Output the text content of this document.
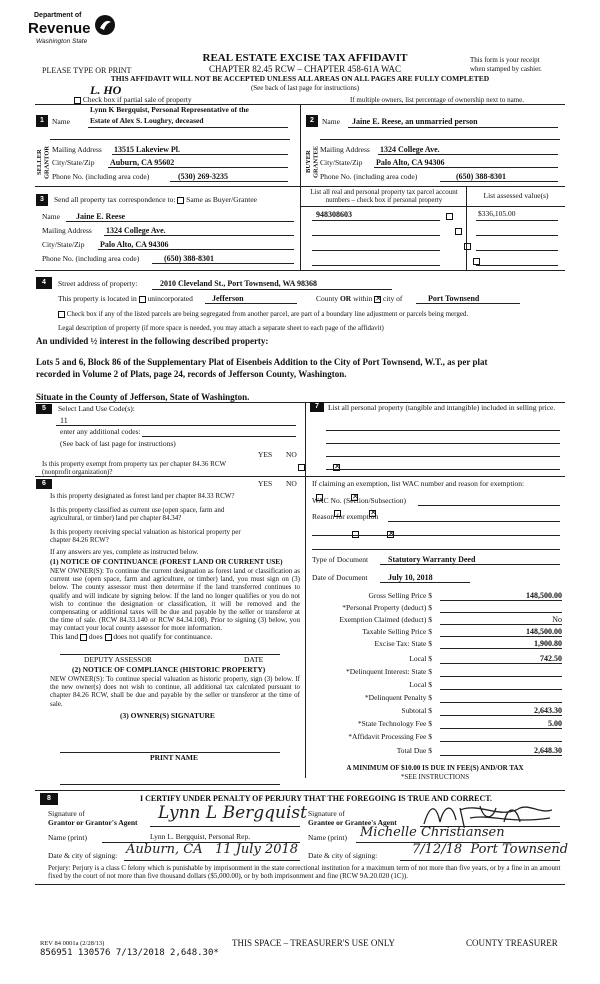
Department of
Revenue
Washington State
REAL ESTATE EXCISE TAX AFFIDAVIT
CHAPTER 82.45 RCW – CHAPTER 458-61A WAC
PLEASE TYPE OR PRINT
This form is your receipt
when stamped by cashier.
THIS AFFIDAVIT WILL NOT BE ACCEPTED UNLESS ALL AREAS ON ALL PAGES ARE FULLY COMPLETED
(See back of last page for instructions)
L. HO
Check box if partial sale of property	If multiple owners, list percentage of ownership next to name.
1	Name
Lynn K Bergquist, Personal Representative of the
Estate of Alex S. Loughry, deceased
SELLER GRANTOR Mailing Address 13515 Lakeview Pl.
City/State/Zip Auburn, CA 95602
Phone No. (including area code)	(530) 269-3235
2	Name Jaine E. Reese, an unmarried person
BUYER GRANTEE Mailing Address 1324 College Ave.
City/State/Zip Palo Alto, CA 94306
Phone No. (including area code)	(650) 388-8301
3	Send all property tax correspondence to: Same as Buyer/Grantee
Name Jaine E. Reese
Mailing Address 1324 College Ave.
City/State/Zip Palo Alto, CA 94306
Phone No. (including area code)	(650) 388-8301
List all real and personal property tax parcel account
numbers – check box if personal property	List assessed value(s)
948308603
	$336,105.00

4	Street address of property:	2010 Cleveland St., Port Townsend, WA 98368
This property is located in unincorporated Jefferson	County OR within ✕ city of	Port Townsend
Check box if any of the listed parcels are being segregated from another parcel, are part of a boundary line adjustment or parcels being merged.
Legal description of property (if more space is needed, you may attach a separate sheet to each page of the affidavit)
An undivided ½ interest in the following described property:
Lots 5 and 6, Block 86 of the Supplementary Plat of Eisenbeis Addition to the City of Port Townsend, W.T., as per plat
recorded in Volume 2 of Plats, page 24, records of Jefferson County, Washington.
Situate in the County of Jefferson, State of Washington.
5	Select Land Use Code(s):
11
enter any additional codes:
(See back of last page for instructions)
YES NO
Is this property exempt from property tax per chapter 84.36 RCW (nonprofit organization)?
✕
7	List all personal property (tangible and intangible) included in selling price.
6	YES NO
Is this property designated as forest land per chapter 84.33 RCW?
✕
Is this property classified as current use (open space, farm and agricultural, or timber) land per chapter 84.34?
✕
Is this property receiving special valuation as historical property per chapter 84.26 RCW?
✕
If any answers are yes, complete as instructed below.
(1) NOTICE OF CONTINUANCE (FOREST LAND OR CURRENT USE)
NEW OWNER(S): To continue the current designation as forest land or classification as current use (open space, farm and agriculture, or timber) land, you must sign on (3) below. The county assessor must then determine if the land transferred continues to qualify and will indicate by signing below. If the land no longer qualifies or you do not wish to continue the designation or classification, it will be removed and the compensating or additional taxes will be due and payable by the seller or transferor at the time of sale. (RCW 84.33.140 or RCW 84.34.108). Prior to signing (3) below, you may contact your local county assessor for more information.
This land does does not qualify for continuance.
DEPUTY ASSESSOR	DATE
(2) NOTICE OF COMPLIANCE (HISTORIC PROPERTY)
NEW OWNER(S): To continue special valuation as historic property, sign (3) below. If the new owner(s) does not wish to continue, all additional tax calculated pursuant to chapter 84.26 RCW, shall be due and payable by the seller or transferor at the time of sale.
(3) OWNER(S) SIGNATURE
PRINT NAME
If claiming an exemption, list WAC number and reason for exemption:
WAC No. (Section/Subsection)
Reason for exemption
Type of Document Statutory Warranty Deed
Date of Document	July 10, 2018
Gross Selling Price $	148,500.00
*Personal Property (deduct) $
Exemption Claimed (deduct) $	No
Taxable Selling Price $	148,500.00
Excise Tax: State $	1,900.80
Local $	742.50
*Delinquent Interest: State $
Local $
*Delinquent Penalty $
Subtotal $	2,643.30
*State Technology Fee $	5.00
*Affidavit Processing Fee $
Total Due $	2,648.30
A MINIMUM OF $10.00 IS DUE IN FEE(S) AND/OR TAX
*SEE INSTRUCTIONS
8	I CERTIFY UNDER PENALTY OF PERJURY THAT THE FOREGOING IS TRUE AND CORRECT.
Signature of
Grantor or Grantor's Agent Lynn L Bergquist
Name (print)	Lynn L. Bergquist, Personal Rep.
Date & city of signing: Auburn, CA   11 July 2018
Signature of
Grantee or Grantee's Agent
Name (print) Michelle Christiansen
Date & city of signing:	7/12/18  Port Townsend
Perjury: Perjury is a class C felony which is punishable by imprisonment in the state correctional institution for a maximum term of not more than five years, or by a fine in an amount fixed by the court of not more than five thousand dollars ($5,000.00), or by both imprisonment and fine (RCW 9A.20.020 (1C)).
REV 84 0001a (2/28/13)
856951 130576 7/13/2018 2,648.30*
THIS SPACE – TREASURER'S USE ONLY	COUNTY TREASURER
